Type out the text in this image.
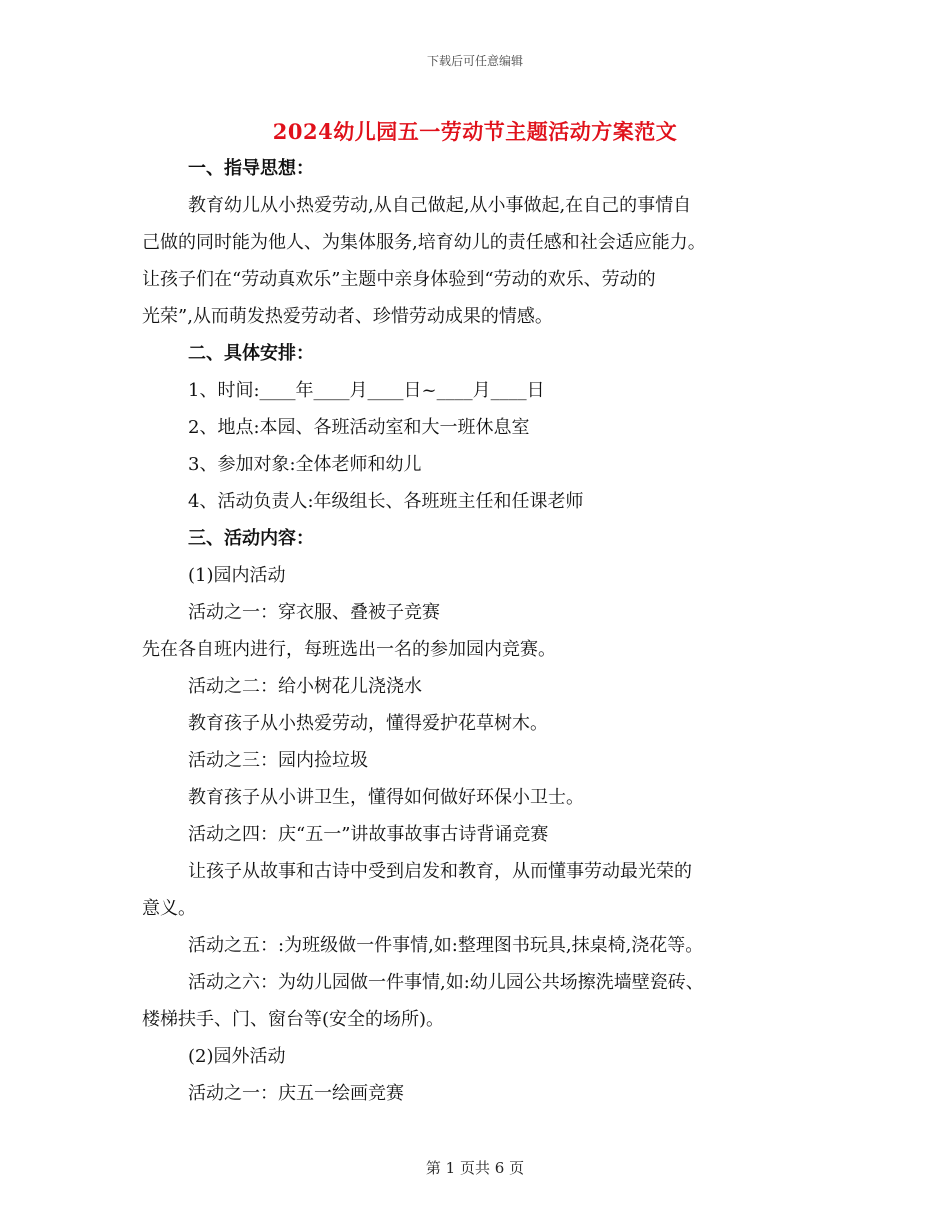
下载后可任意编辑
2024幼儿园五一劳动节主题活动方案范文
一、指导思想：
教育幼儿从小热爱劳动,从自己做起,从小事做起,在自己的事情自
己做的同时能为他人、为集体服务,培育幼儿的责任感和社会适应能力。
让孩子们在“劳动真欢乐”主题中亲身体验到“劳动的欢乐、劳动的
光荣”,从而萌发热爱劳动者、珍惜劳动成果的情感。
二、具体安排：
1、时间:____年____月____日~____月____日
2、地点:本园、各班活动室和大一班休息室
3、参加对象:全体老师和幼儿
4、活动负责人:年级组长、各班班主任和任课老师
三、活动内容：
(1)园内活动
活动之一：穿衣服、叠被子竞赛
先在各自班内进行，每班选出一名的参加园内竞赛。
活动之二：给小树花儿浇浇水
教育孩子从小热爱劳动，懂得爱护花草树木。
活动之三：园内捡垃圾
教育孩子从小讲卫生，懂得如何做好环保小卫士。
活动之四：庆“五一”讲故事故事古诗背诵竞赛
让孩子从故事和古诗中受到启发和教育，从而懂事劳动最光荣的
意义。
活动之五：:为班级做一件事情,如:整理图书玩具,抹桌椅,浇花等。
活动之六：为幼儿园做一件事情,如:幼儿园公共场擦洗墙壁瓷砖、
楼梯扶手、门、窗台等(安全的场所)。
(2)园外活动
活动之一：庆五一绘画竞赛
第 1 页共 6 页
